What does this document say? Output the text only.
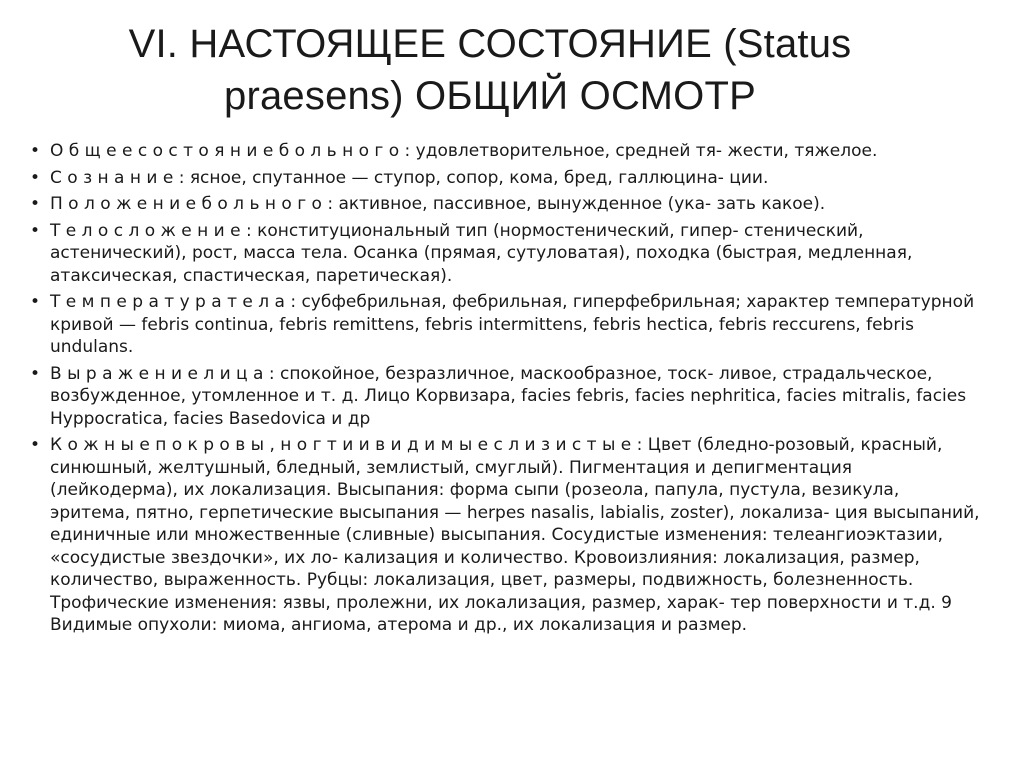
VI. НАСТОЯЩЕЕ СОСТОЯНИЕ (Status praesens) ОБЩИЙ ОСМОТР
• О б щ е е с о с т о я н и е б о л ь н о г о : удовлетворительное, средней тя- жести, тяжелое.
• С о з н а н и е : ясное, спутанное — ступор, сопор, кома, бред, галлюцина- ции.
• П о л о ж е н и е б о л ь н о г о : активное, пассивное, вынужденное (ука- зать какое).
• Т е л о с л о ж е н и е : конституциональный тип (нормостенический, гипер- стенический, астенический), рост, масса тела. Осанка (прямая, сутуловатая), походка (быстрая, медленная, атаксическая, спастическая, паретическая).
• Т е м п е р а т у р а т е л а : субфебрильная, фебрильная, гиперфебрильная; характер температурной кривой — febris continua, febris remittens, febris intermittens, febris hectica, febris reccurens, febris undulans.
• В ы р а ж е н и е л и ц а : спокойное, безразличное, маскообразное, тоск- ливое, страдальческое, возбужденное, утомленное и т. д. Лицо Корвизара, facies febris, facies nephritica, facies mitralis, facies Hyppocratica, facies Basedovica и др
• К о ж н ы е п о к р о в ы , н о г т и и в и д и м ы е с л и з и с т ы е : Цвет (бледно-розовый, красный, синюшный, желтушный, бледный, землистый, смуглый). Пигментация и депигментация (лейкодерма), их локализация. Высыпания: форма сыпи (розеола, папула, пустула, везикула, эритема, пятно, герпетические высыпания — herpes nasalis, labialis, zoster), локализа- ция высыпаний, единичные или множественные (сливные) высыпания. Сосудистые изменения: телеангиоэктазии, «сосудистые звездочки», их ло- кализация и количество. Кровоизлияния: локализация, размер, количество, выраженность. Рубцы: локализация, цвет, размеры, подвижность, болезненность. Трофические изменения: язвы, пролежни, их локализация, размер, харак- тер поверхности и т.д. 9 Видимые опухоли: миома, ангиома, атерома и др., их локализация и размер.
